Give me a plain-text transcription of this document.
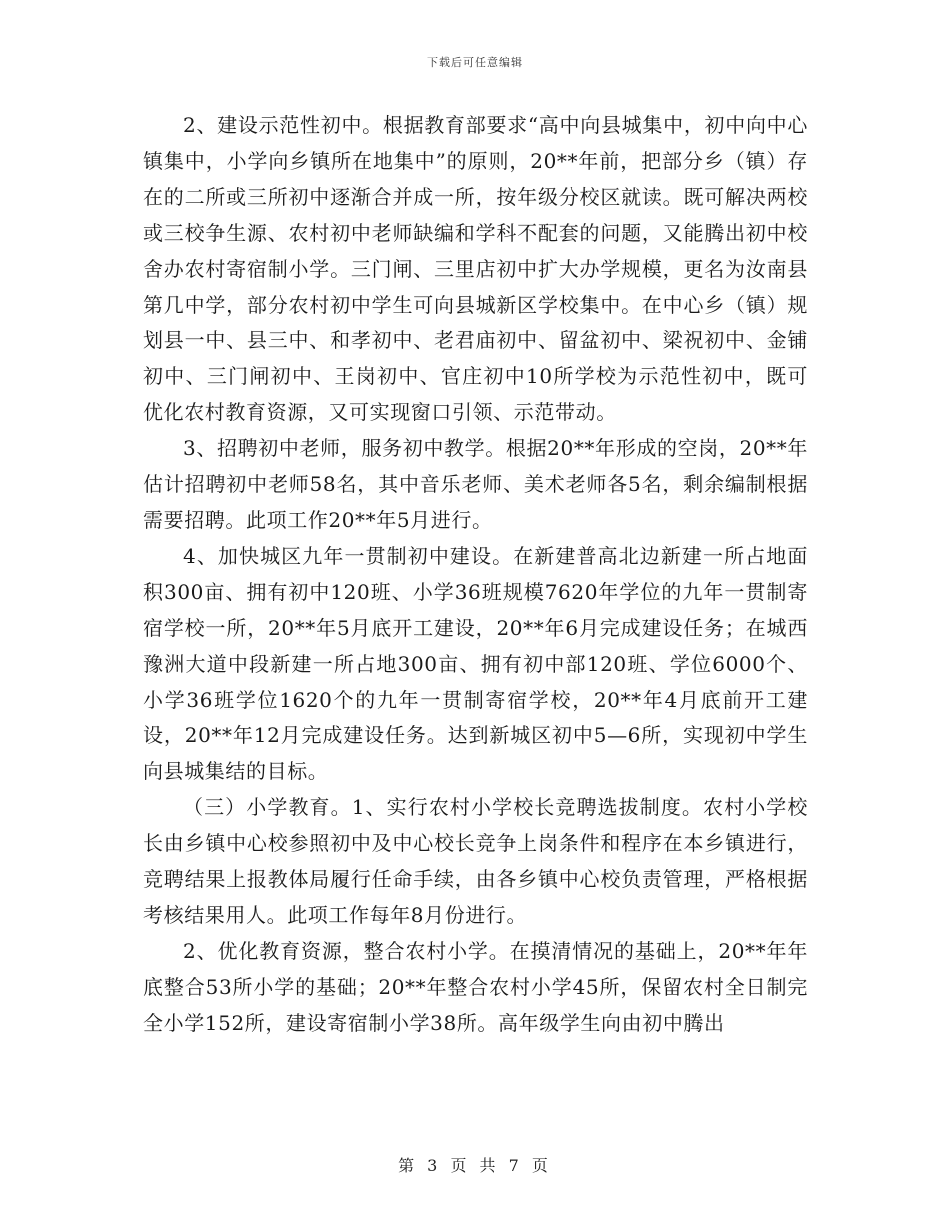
下载后可任意编辑

2、建设示范性初中。根据教育部要求“高中向县城集中，初中向中心镇集中，小学向乡镇所在地集中”的原则，20**年前，把部分乡（镇）存在的二所或三所初中逐渐合并成一所，按年级分校区就读。既可解决两校或三校争生源、农村初中老师缺编和学科不配套的问题，又能腾出初中校舍办农村寄宿制小学。三门闸、三里店初中扩大办学规模，更名为汝南县第几中学，部分农村初中学生可向县城新区学校集中。在中心乡（镇）规划县一中、县三中、和孝初中、老君庙初中、留盆初中、梁祝初中、金铺初中、三门闸初中、王岗初中、官庄初中10所学校为示范性初中，既可优化农村教育资源，又可实现窗口引领、示范带动。

3、招聘初中老师，服务初中教学。根据20**年形成的空岗，20**年估计招聘初中老师58名，其中音乐老师、美术老师各5名，剩余编制根据需要招聘。此项工作20**年5月进行。

4、加快城区九年一贯制初中建设。在新建普高北边新建一所占地面积300亩、拥有初中120班、小学36班规模7620年学位的九年一贯制寄宿学校一所，20**年5月底开工建设，20**年6月完成建设任务；在城西豫洲大道中段新建一所占地300亩、拥有初中部120班、学位6000个、小学36班学位1620个的九年一贯制寄宿学校，20**年4月底前开工建设，20**年12月完成建设任务。达到新城区初中5—6所，实现初中学生向县城集结的目标。

（三）小学教育。1、实行农村小学校长竞聘选拔制度。农村小学校长由乡镇中心校参照初中及中心校长竞争上岗条件和程序在本乡镇进行，竞聘结果上报教体局履行任命手续，由各乡镇中心校负责管理，严格根据考核结果用人。此项工作每年8月份进行。

2、优化教育资源，整合农村小学。在摸清情况的基础上，20**年年底整合53所小学的基础；20**年整合农村小学45所，保留农村全日制完全小学152所，建设寄宿制小学38所。高年级学生向由初中腾出

第 3 页 共 7 页
